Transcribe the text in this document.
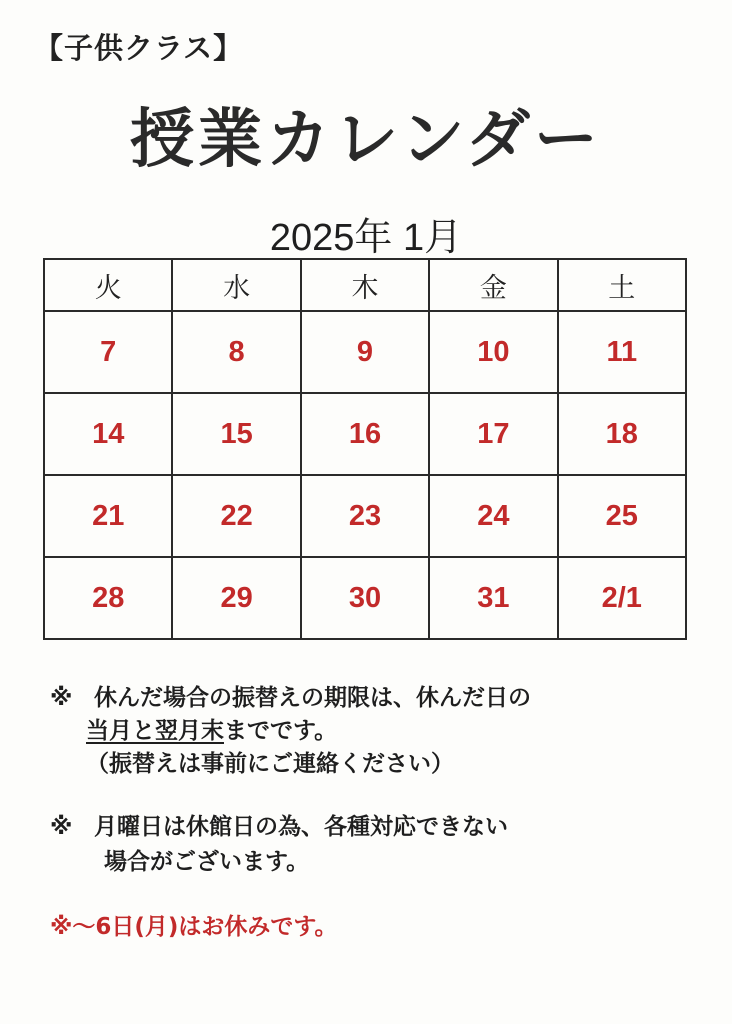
【子供クラス】
授業カレンダー
2025年 1月
火	水	木	金	土
7	8	9	10	11
14	15	16	17	18
21	22	23	24	25
28	29	30	31	2/1
※ 休んだ場合の振替えの期限は、休んだ日の
当月と翌月末までです。
（振替えは事前にご連絡ください）
※ 月曜日は休館日の為、各種対応できない
場合がございます。
※～6日(月)はお休みです。
